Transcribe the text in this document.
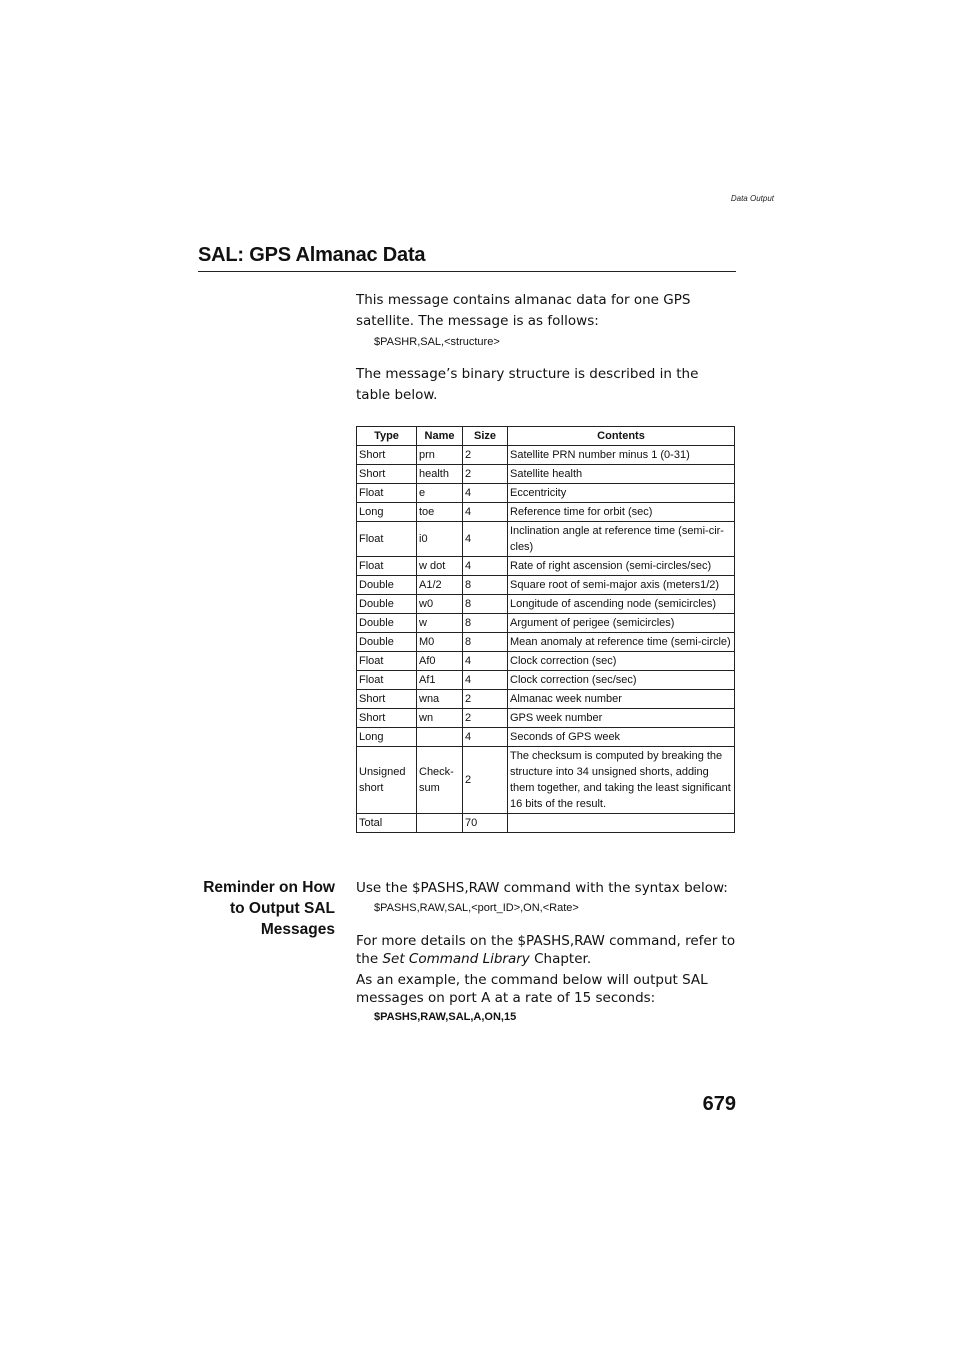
Data Output
SAL: GPS Almanac Data
This message contains almanac data for one GPS satellite. The message is as follows:
$PASHR,SAL,<structure>
The message’s binary structure is described in the table below.
Type	Name	Size	Contents
Short	prn	2	Satellite PRN number minus 1 (0-31)
Short	health	2	Satellite health
Float	e	4	Eccentricity
Long	toe	4	Reference time for orbit (sec)
Float	i0	4	Inclination angle at reference time (semi-cir-cles)
Float	w dot	4	Rate of right ascension (semi-circles/sec)
Double	A1/2	8	Square root of semi-major axis (meters1/2)
Double	w0	8	Longitude of ascending node (semicircles)
Double	w	8	Argument of perigee (semicircles)
Double	M0	8	Mean anomaly at reference time (semi-circle)
Float	Af0	4	Clock correction (sec)
Float	Af1	4	Clock correction (sec/sec)
Short	wna	2	Almanac week number
Short	wn	2	GPS week number
Long		4	Seconds of GPS week
Unsigned short	Check-sum	2	The checksum is computed by breaking the structure into 34 unsigned shorts, adding them together, and taking the least significant 16 bits of the result.
Total		70	
Reminder on How
to Output SAL
Messages
Use the $PASHS,RAW command with the syntax below:
$PASHS,RAW,SAL,<port_ID>,ON,<Rate>
For more details on the $PASHS,RAW command, refer to the Set Command Library Chapter.
As an example, the command below will output SAL messages on port A at a rate of 15 seconds:
$PASHS,RAW,SAL,A,ON,15
679
